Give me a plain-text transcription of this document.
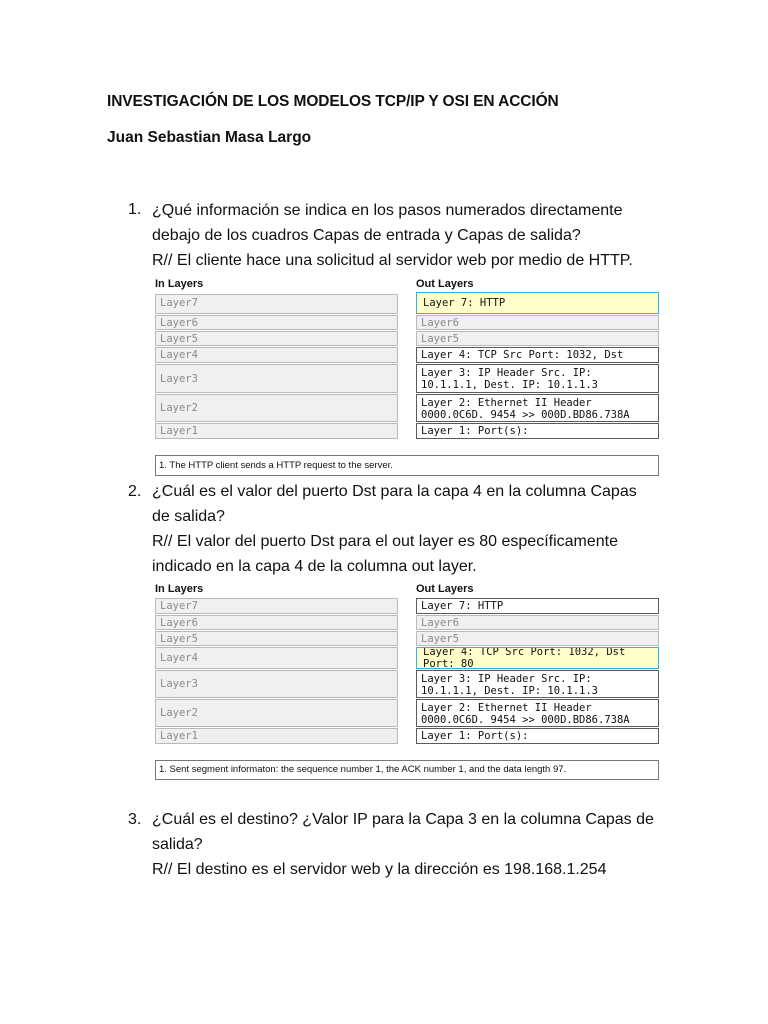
INVESTIGACIÓN DE LOS MODELOS TCP/IP Y OSI EN ACCIÓN
Juan Sebastian Masa Largo
1. ¿Qué información se indica en los pasos numerados directamente
debajo de los cuadros Capas de entrada y Capas de salida?
R// El cliente hace una solicitud al servidor web por medio de HTTP.
In Layers	Out Layers
Layer7
Layer6
Layer5
Layer4
Layer3
Layer2
Layer1
Layer 7: HTTP
Layer6
Layer5
Layer 4: TCP Src Port: 1032, Dst
Layer 3: IP Header Src. IP: 10.1.1.1, Dest. IP: 10.1.1.3
Layer 2: Ethernet II Header 0000.0C6D. 9454 >> 000D.BD86.738A
Layer 1: Port(s):
1. The HTTP client sends a HTTP request to the server.
2. ¿Cuál es el valor del puerto Dst para la capa 4 en la columna Capas
de salida?
R// El valor del puerto Dst para el out layer es 80 específicamente
indicado en la capa 4 de la columna out layer.
In Layers	Out Layers
Layer7
Layer6
Layer5
Layer4
Layer3
Layer2
Layer1
Layer 7: HTTP
Layer6
Layer5
Layer 4: TCP Src Port: 1032, Dst Port: 80
Layer 3: IP Header Src. IP: 10.1.1.1, Dest. IP: 10.1.1.3
Layer 2: Ethernet II Header 0000.0C6D. 9454 >> 000D.BD86.738A
Layer 1: Port(s):
1. Sent segment informaton: the sequence number 1, the ACK number 1, and the data length 97.
3. ¿Cuál es el destino? ¿Valor IP para la Capa 3 en la columna Capas de
salida?
R// El destino es el servidor web y la dirección es 198.168.1.254
